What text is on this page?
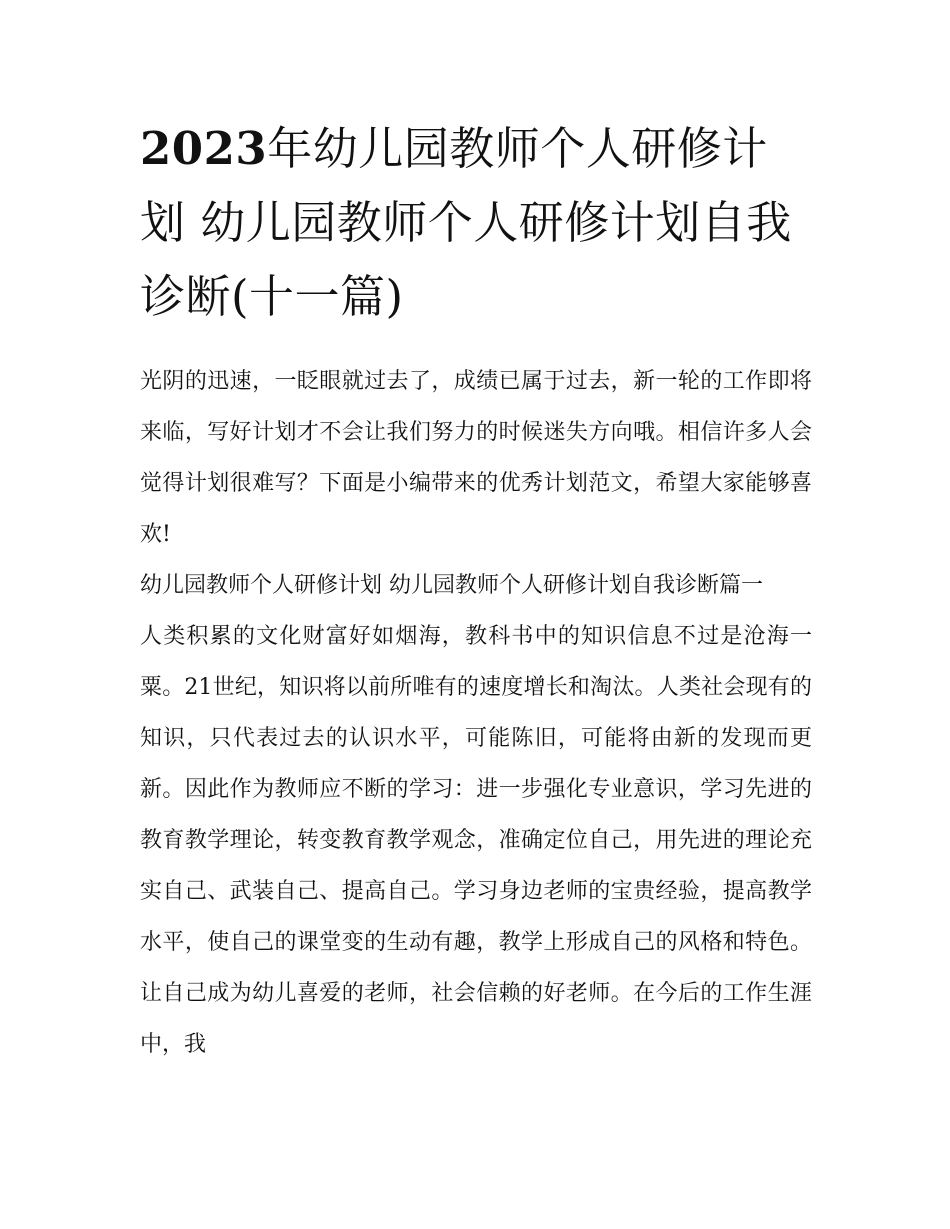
2023年幼儿园教师个人研修计划 幼儿园教师个人研修计划自我诊断(十一篇)

光阴的迅速，一眨眼就过去了，成绩已属于过去，新一轮的工作即将来临，写好计划才不会让我们努力的时候迷失方向哦。相信许多人会觉得计划很难写？下面是小编带来的优秀计划范文，希望大家能够喜欢!

幼儿园教师个人研修计划 幼儿园教师个人研修计划自我诊断篇一

人类积累的文化财富好如烟海，教科书中的知识信息不过是沧海一粟。21世纪，知识将以前所唯有的速度增长和淘汰。人类社会现有的知识，只代表过去的认识水平，可能陈旧，可能将由新的发现而更新。因此作为教师应不断的学习：进一步强化专业意识，学习先进的教育教学理论，转变教育教学观念，准确定位自己，用先进的理论充实自己、武装自己、提高自己。学习身边老师的宝贵经验，提高教学水平，使自己的课堂变的生动有趣，教学上形成自己的风格和特色。让自己成为幼儿喜爱的老师，社会信赖的好老师。在今后的工作生涯中，我
